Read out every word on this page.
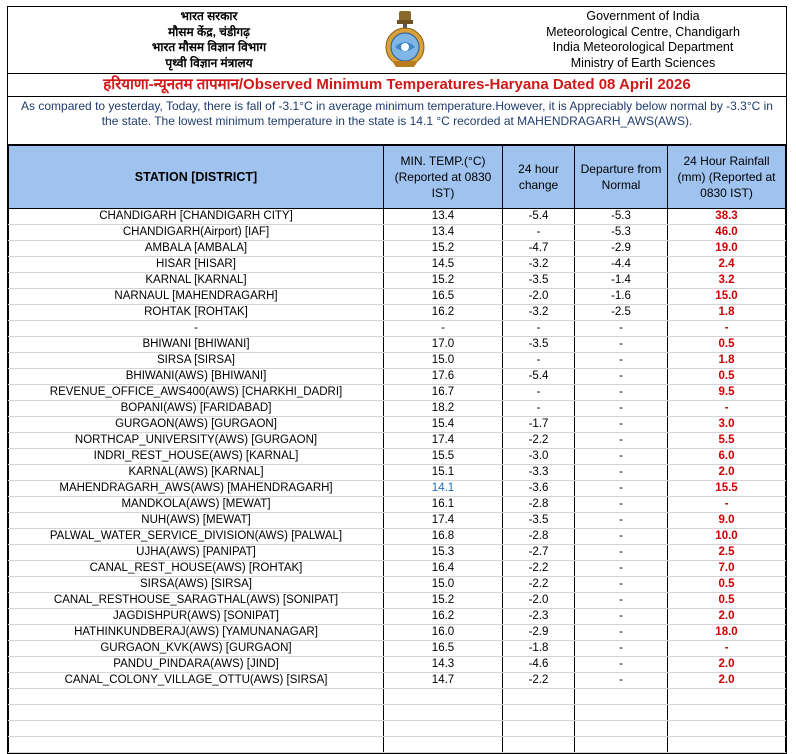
भारत सरकार
मौसम केंद्र, चंडीगढ़
भारत मौसम विज्ञान विभाग
पृथ्वी विज्ञान मंत्रालय
Government of India
Meteorological Centre, Chandigarh
India Meteorological Department
Ministry of Earth Sciences
हरियाणा-न्यूनतम तापमान/Observed Minimum Temperatures-Haryana Dated 08 April 2026
As compared to yesterday, Today, there is fall of -3.1°C in average minimum temperature.However, it is Appreciably below normal by -3.3°C in the state. The lowest minimum temperature in the state is 14.1 °C recorded at MAHENDRAGARH_AWS(AWS).
STATION [DISTRICT]	MIN. TEMP.(°C) (Reported at 0830 IST)	24 hour change	Departure from Normal	24 Hour Rainfall (mm) (Reported at 0830 IST)
CHANDIGARH [CHANDIGARH CITY]	13.4	-5.4	-5.3	38.3
CHANDIGARH(Airport) [IAF]	13.4	-	-5.3	46.0
AMBALA [AMBALA]	15.2	-4.7	-2.9	19.0
HISAR [HISAR]	14.5	-3.2	-4.4	2.4
KARNAL [KARNAL]	15.2	-3.5	-1.4	3.2
NARNAUL [MAHENDRAGARH]	16.5	-2.0	-1.6	15.0
ROHTAK [ROHTAK]	16.2	-3.2	-2.5	1.8
-	-	-	-	-
BHIWANI [BHIWANI]	17.0	-3.5	-	0.5
SIRSA [SIRSA]	15.0	-	-	1.8
BHIWANI(AWS) [BHIWANI]	17.6	-5.4	-	0.5
REVENUE_OFFICE_AWS400(AWS) [CHARKHI_DADRI]	16.7	-	-	9.5
BOPANI(AWS) [FARIDABAD]	18.2	-	-	-
GURGAON(AWS) [GURGAON]	15.4	-1.7	-	3.0
NORTHCAP_UNIVERSITY(AWS) [GURGAON]	17.4	-2.2	-	5.5
INDRI_REST_HOUSE(AWS) [KARNAL]	15.5	-3.0	-	6.0
KARNAL(AWS) [KARNAL]	15.1	-3.3	-	2.0
MAHENDRAGARH_AWS(AWS) [MAHENDRAGARH]	14.1	-3.6	-	15.5
MANDKOLA(AWS) [MEWAT]	16.1	-2.8	-	-
NUH(AWS) [MEWAT]	17.4	-3.5	-	9.0
PALWAL_WATER_SERVICE_DIVISION(AWS) [PALWAL]	16.8	-2.8	-	10.0
UJHA(AWS) [PANIPAT]	15.3	-2.7	-	2.5
CANAL_REST_HOUSE(AWS) [ROHTAK]	16.4	-2.2	-	7.0
SIRSA(AWS) [SIRSA]	15.0	-2.2	-	0.5
CANAL_RESTHOUSE_SARAGTHAL(AWS) [SONIPAT]	15.2	-2.0	-	0.5
JAGDISHPUR(AWS) [SONIPAT]	16.2	-2.3	-	2.0
HATHINKUNDBERAJ(AWS) [YAMUNANAGAR]	16.0	-2.9	-	18.0
GURGAON_KVK(AWS) [GURGAON]	16.5	-1.8	-	-
PANDU_PINDARA(AWS) [JIND]	14.3	-4.6	-	2.0
CANAL_COLONY_VILLAGE_OTTU(AWS) [SIRSA]	14.7	-2.2	-	2.0
